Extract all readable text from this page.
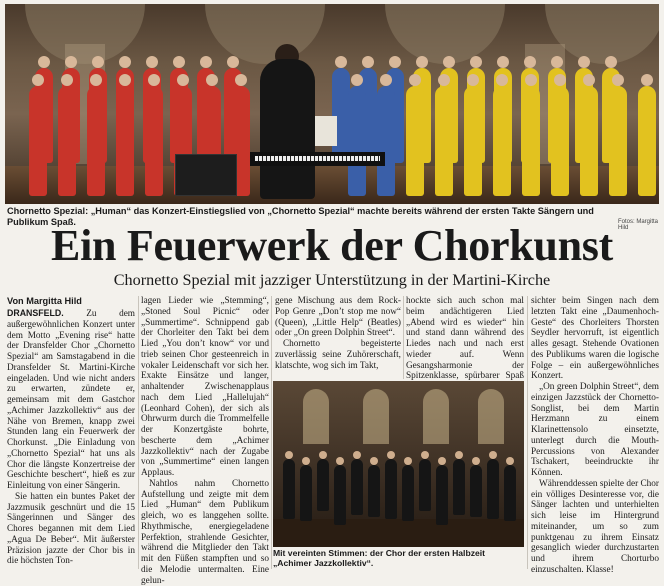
Chornetto Spezial: „Human“ das Konzert-Einstiegslied von „Chornetto Spezial“ machte bereits während der ersten Takte Sängern und Publikum Spaß.	Fotos: Margitta Hild
Ein Feuerwerk der Chorkunst
Chornetto Spezial mit jazziger Unterstützung in der Martini-Kirche
Von Margitta Hild

DRANSFELD. Zu dem außergewöhnlichen Konzert unter dem Motto „Evening rise“ hatte der Dransfelder Chor „Chornetto Spezial“ am Samstagabend in die Dransfelder St. Martini-Kirche eingeladen. Und wie nicht anders zu erwarten, zündete er, gemeinsam mit dem Gastchor „Achimer Jazzkollektiv“ aus der Nähe von Bremen, knapp zwei Stunden lang ein Feuerwerk der Chorkunst. „Die Einladung von „Chornetto Spezial“ hat uns als Chor die längste Konzertreise der Geschichte beschert“, hieß es zur Einleitung von einer Sängerin.

Sie hatten ein buntes Paket der Jazzmusik geschnürt und die 15 Sängerinnen und Sänger des Chores begannen mit dem Lied „Agua De Beber“. Mit äußerster Präzision jazzte der Chor bis in die höchsten Ton-

lagen Lieder wie „Stemming“, „Stoned Soul Picnic“ oder „Summertime“. Schnippend gab der Chorleiter den Takt bei dem Lied „You don’t know“ vor und trieb seinen Chor gesteenreich in vokaler Leidenschaft vor sich her. Exakte Einsätze und langer, anhaltender Zwischenapplaus nach dem Lied „Hallelujah“ (Leonhard Cohen), der sich als Ohrwurm durch die Trommelfelle der Konzertgäste bohrte, bescherte dem „Achimer Jazzkollektiv“ nach der Zugabe von „Summertime“ einen langen Applaus.

Nahtlos nahm Chornetto Aufstellung und zeigte mit dem Lied „Human“ dem Publikum gleich, wo es langgehen sollte. Rhythmische, energiegeladene Perfektion, strahlende Gesichter, während die Mitglieder den Takt mit den Füßen stampften und so die Melodie untermalten. Eine gelun-

gene Mischung aus dem Rock-Pop Genre „Don’t stop me now“ (Queen), „Little Help“ (Beatles) oder „On green Dolphin Street“.

Chornetto begeisterte zuverlässig seine Zuhörerschaft, klatschte, wog sich im Takt,

hockte sich auch schon mal beim andächtigeren Lied „Abend wird es wieder“ hin und stand dann während des Liedes nach und nach erst wieder auf. Wenn Gesangsharmonie der Spitzenklasse, spürbarer Spaß

sichter beim Singen nach dem letzten Takt eine „Daumenhoch-Geste“ des Chorleiters Thorsten Seydler hervorruft, ist eigentlich alles gesagt. Stehende Ovationen des Publikums waren die logische Folge – ein außergewöhnliches Konzert.

„On green Dolphin Street“, dem einzigen Jazzstück der Chornetto-Songlist, bei dem Martin Herzmann zu einem Klarinettensolo einsetzte, unterlegt durch die Mouth-Percussions von Alexander Tschakert, beeindruckte ihr Können.

Währenddessen spielte der Chor ein völliges Desinteresse vor, die Sänger lachten und unterhielten sich leise im Hintergrund miteinander, um so zum punktgenau zu ihrem Einsatz gesanglich wieder durchzustarten und ihrem Chorturbo einzuschalten. Klasse!

Mit vereinten Stimmen: der Chor der ersten Halbzeit „Achimer Jazzkollektiv“.
